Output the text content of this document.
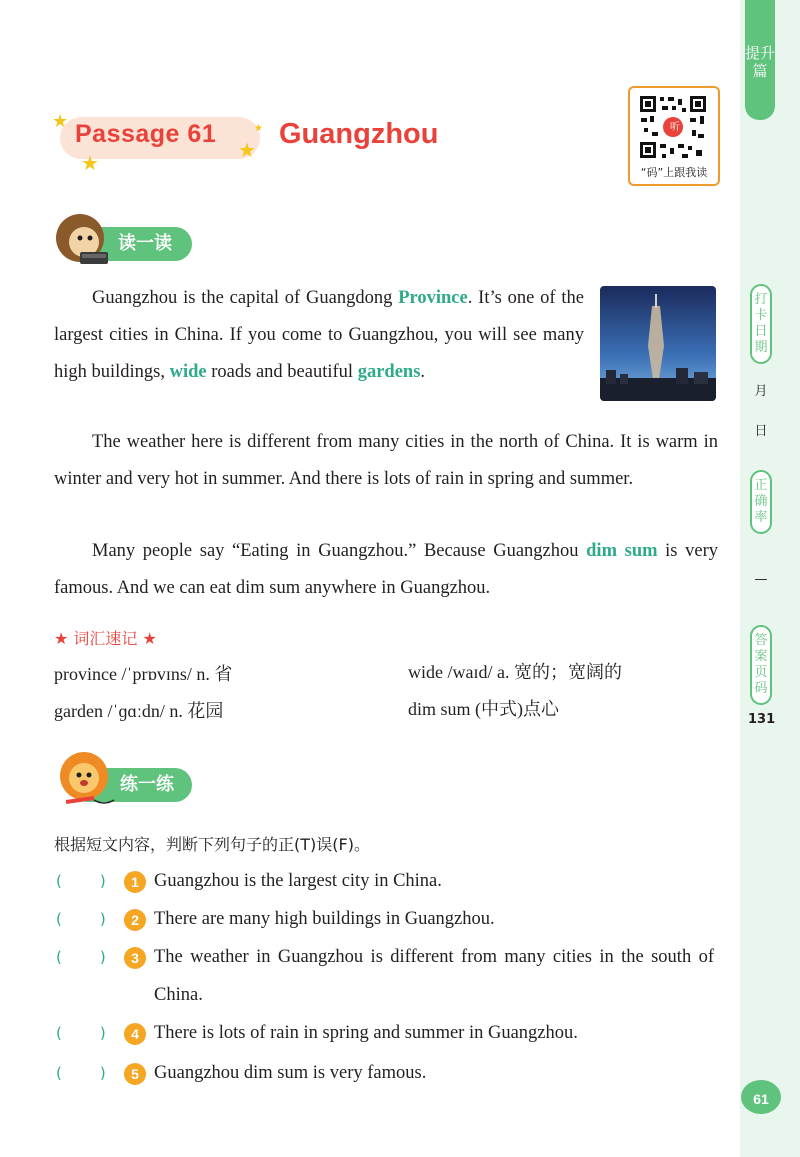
提升篇
打卡日期
月
日
正确率
—
答案页码
131
★
★
★
★
Passage 61 Guangzhou	听
“码”上跟我读
读一读
Guangzhou is the capital of Guangdong Province. It’s one of the largest cities in China. If you come to Guangzhou, you will see many high buildings, wide roads and beautiful gardens.
The weather here is different from many cities in the north of China. It is warm in winter and very hot in summer. And there is lots of rain in spring and summer.
Many people say “Eating in Guangzhou.” Because Guangzhou dim sum is very famous. And we can eat dim sum anywhere in Guangzhou.
★ 词汇速记 ★
province /ˈprɒvɪns/ n. 省	wide /waɪd/ a. 宽的；宽阔的
garden /ˈɡɑːdn/ n. 花园	dim sum (中式)点心
练一练
根据短文内容，判断下列句子的正(T)误(F)。
(	) 1 Guangzhou is the largest city in China.
(	) 2 There are many high buildings in Guangzhou.
(	) 3 The weather in Guangzhou is different from many cities in the south of China.
(	) 4 There is lots of rain in spring and summer in Guangzhou.
(	) 5 Guangzhou dim sum is very famous.
61
